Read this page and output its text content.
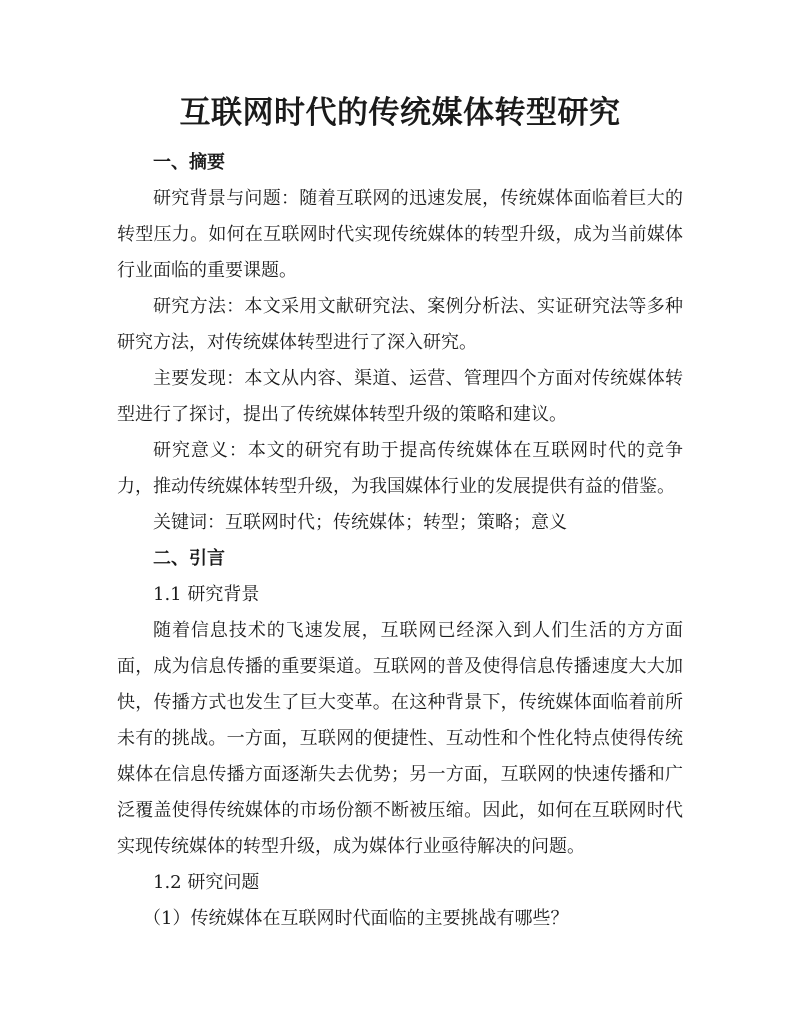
互联网时代的传统媒体转型研究

一、摘要

研究背景与问题：随着互联网的迅速发展，传统媒体面临着巨大的转型压力。如何在互联网时代实现传统媒体的转型升级，成为当前媒体行业面临的重要课题。

研究方法：本文采用文献研究法、案例分析法、实证研究法等多种研究方法，对传统媒体转型进行了深入研究。

主要发现：本文从内容、渠道、运营、管理四个方面对传统媒体转型进行了探讨，提出了传统媒体转型升级的策略和建议。

研究意义：本文的研究有助于提高传统媒体在互联网时代的竞争力，推动传统媒体转型升级，为我国媒体行业的发展提供有益的借鉴。

关键词：互联网时代；传统媒体；转型；策略；意义

二、引言

1.1 研究背景

随着信息技术的飞速发展，互联网已经深入到人们生活的方方面面，成为信息传播的重要渠道。互联网的普及使得信息传播速度大大加快，传播方式也发生了巨大变革。在这种背景下，传统媒体面临着前所未有的挑战。一方面，互联网的便捷性、互动性和个性化特点使得传统媒体在信息传播方面逐渐失去优势；另一方面，互联网的快速传播和广泛覆盖使得传统媒体的市场份额不断被压缩。因此，如何在互联网时代实现传统媒体的转型升级，成为媒体行业亟待解决的问题。

1.2 研究问题

（1）传统媒体在互联网时代面临的主要挑战有哪些？
